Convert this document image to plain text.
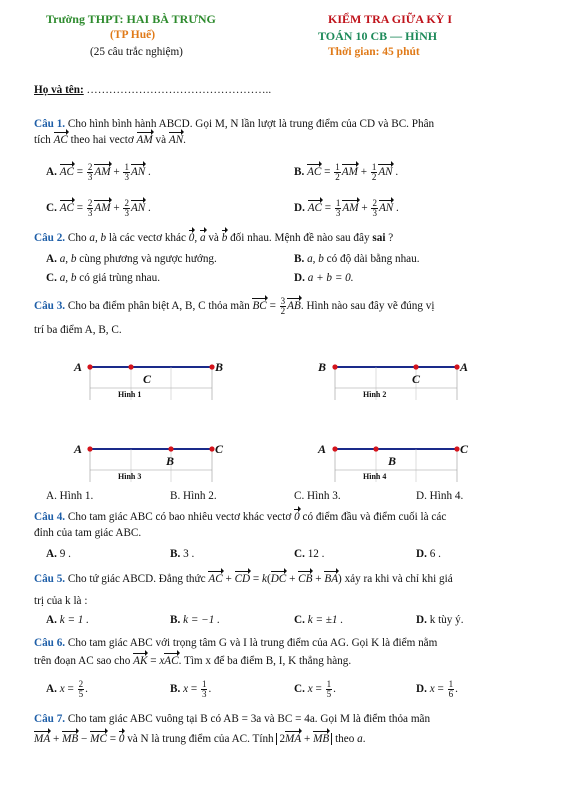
Trường THPT: HAI BÀ TRƯNG
(TP Huế)
(25 câu trắc nghiệm)
KIỂM TRA GIỮA KỲ I
TOÁN 10 CB — HÌNH
Thời gian: 45 phút
Họ và tên: …………………………………………..
Câu 1. Cho hình bình hành ABCD. Gọi M, N lần lượt là trung điểm của CD và BC. Phân
tích AC theo hai vectơ AM và AN.
A. AC = $\frac{2}{3}$ AM + $\frac{1}{3}$ AN .	B. AC = $\frac{1}{2}$ AM + $\frac{1}{2}$ AN .
C. AC = $\frac{2}{3}$ AM + $\frac{2}{3}$ AN .	D. AC = $\frac{1}{3}$ AM + $\frac{2}{3}$ AN .
Câu 2. Cho a, b là các vectơ khác 0, a và b đối nhau. Mệnh đề nào sau đây sai ?
A. a, b cùng phương và ngược hướng.	B. a, b có độ dài bằng nhau.
C. a, b có giá trùng nhau.	D. a + b = 0.
Câu 3. Cho ba điểm phân biệt A, B, C thỏa mãn BC = $\frac{3}{2}$ AB. Hình nào sau đây vẽ đúng vị
trí ba điểm A, B, C.
A
C
B
Hình 1
B
C
A
Hình 2
A
B
C
Hình 3
A
B
C
Hình 4
A. Hình 1.	B. Hình 2.	C. Hình 3.	D. Hình 4.
Câu 4. Cho tam giác ABC có bao nhiêu vectơ khác vectơ 0 có điểm đầu và điểm cuối là các
đỉnh của tam giác ABC.
A. 9 .	B. 3 .	C. 12 .	D. 6 .
Câu 5. Cho tứ giác ABCD. Đẳng thức AC + CD = k(DC + CB + BA) xảy ra khi và chỉ khi giá
trị của k là :
A. k = 1 .	B. k = −1 .	C. k = ±1 .	D. k tùy ý.
Câu 6. Cho tam giác ABC với trọng tâm G và I là trung điểm của AG. Gọi K là điểm nằm
trên đoạn AC sao cho AK = xAC. Tìm x để ba điểm B, I, K thẳng hàng.
A. $x = \frac{2}{5}$ .	B. $x = \frac{1}{3}$ .	C. $x = \frac{1}{5}$ .	D. $x = \frac{1}{6}$ .
Câu 7. Cho tam giác ABC vuông tại B có AB = 3a và BC = 4a. Gọi M là điểm thỏa mãn
MA + MB − MC = 0 và N là trung điểm của AC. Tính 2MA + MB theo a.
